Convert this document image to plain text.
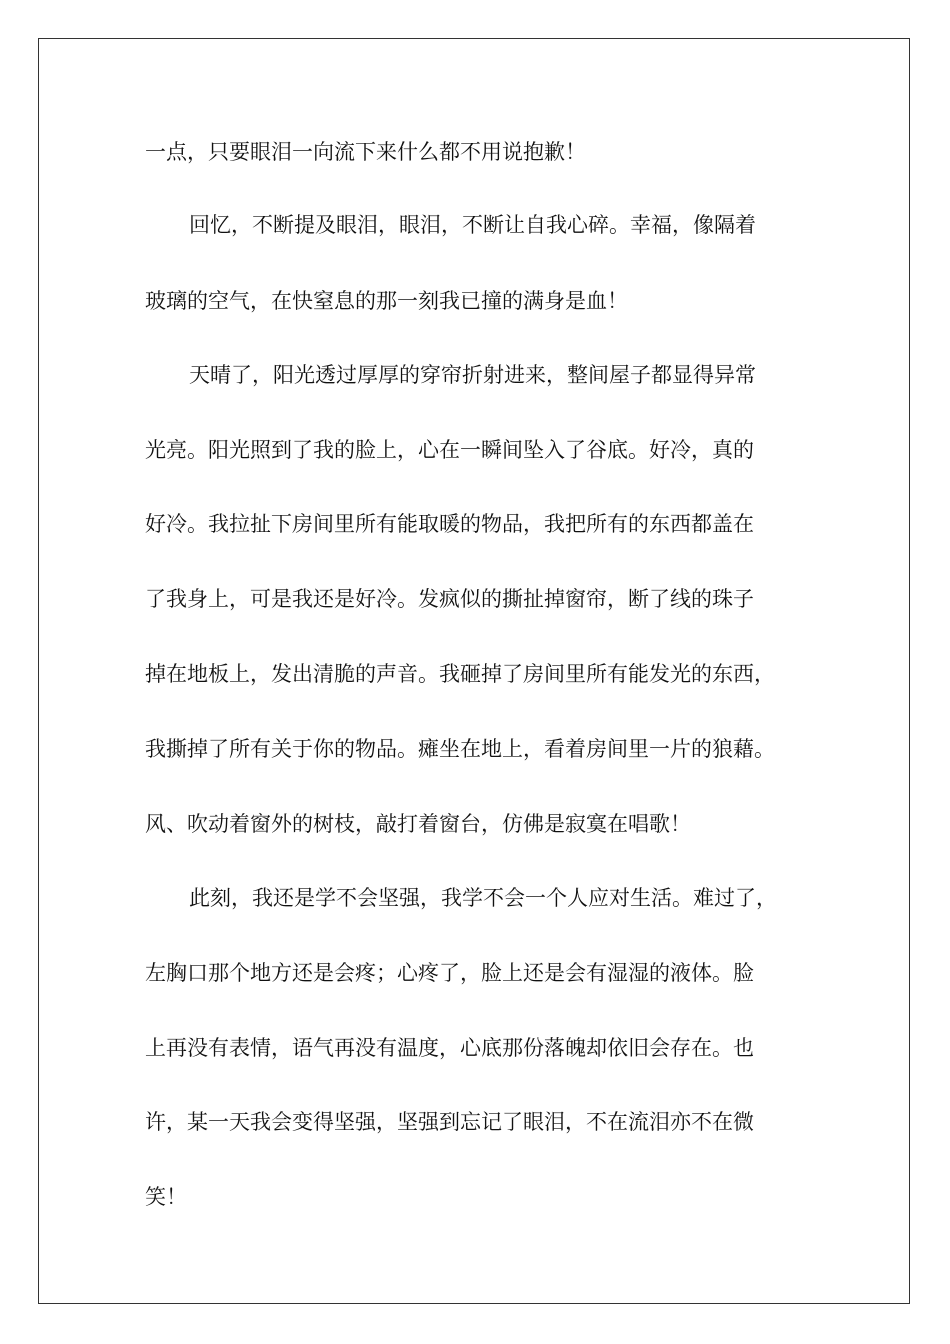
一点，只要眼泪一向流下来什么都不用说抱歉！
回忆，不断提及眼泪，眼泪，不断让自我心碎。幸福，像隔着
玻璃的空气，在快窒息的那一刻我已撞的满身是血！
天晴了，阳光透过厚厚的穿帘折射进来，整间屋子都显得异常
光亮。阳光照到了我的脸上，心在一瞬间坠入了谷底。好冷，真的
好冷。我拉扯下房间里所有能取暖的物品，我把所有的东西都盖在
了我身上，可是我还是好冷。发疯似的撕扯掉窗帘，断了线的珠子
掉在地板上，发出清脆的声音。我砸掉了房间里所有能发光的东西，
我撕掉了所有关于你的物品。瘫坐在地上，看着房间里一片的狼藉。
风、吹动着窗外的树枝，敲打着窗台，仿佛是寂寞在唱歌！
此刻，我还是学不会坚强，我学不会一个人应对生活。难过了，
左胸口那个地方还是会疼；心疼了，脸上还是会有湿湿的液体。脸
上再没有表情，语气再没有温度，心底那份落魄却依旧会存在。也
许，某一天我会变得坚强，坚强到忘记了眼泪，不在流泪亦不在微
笑！
